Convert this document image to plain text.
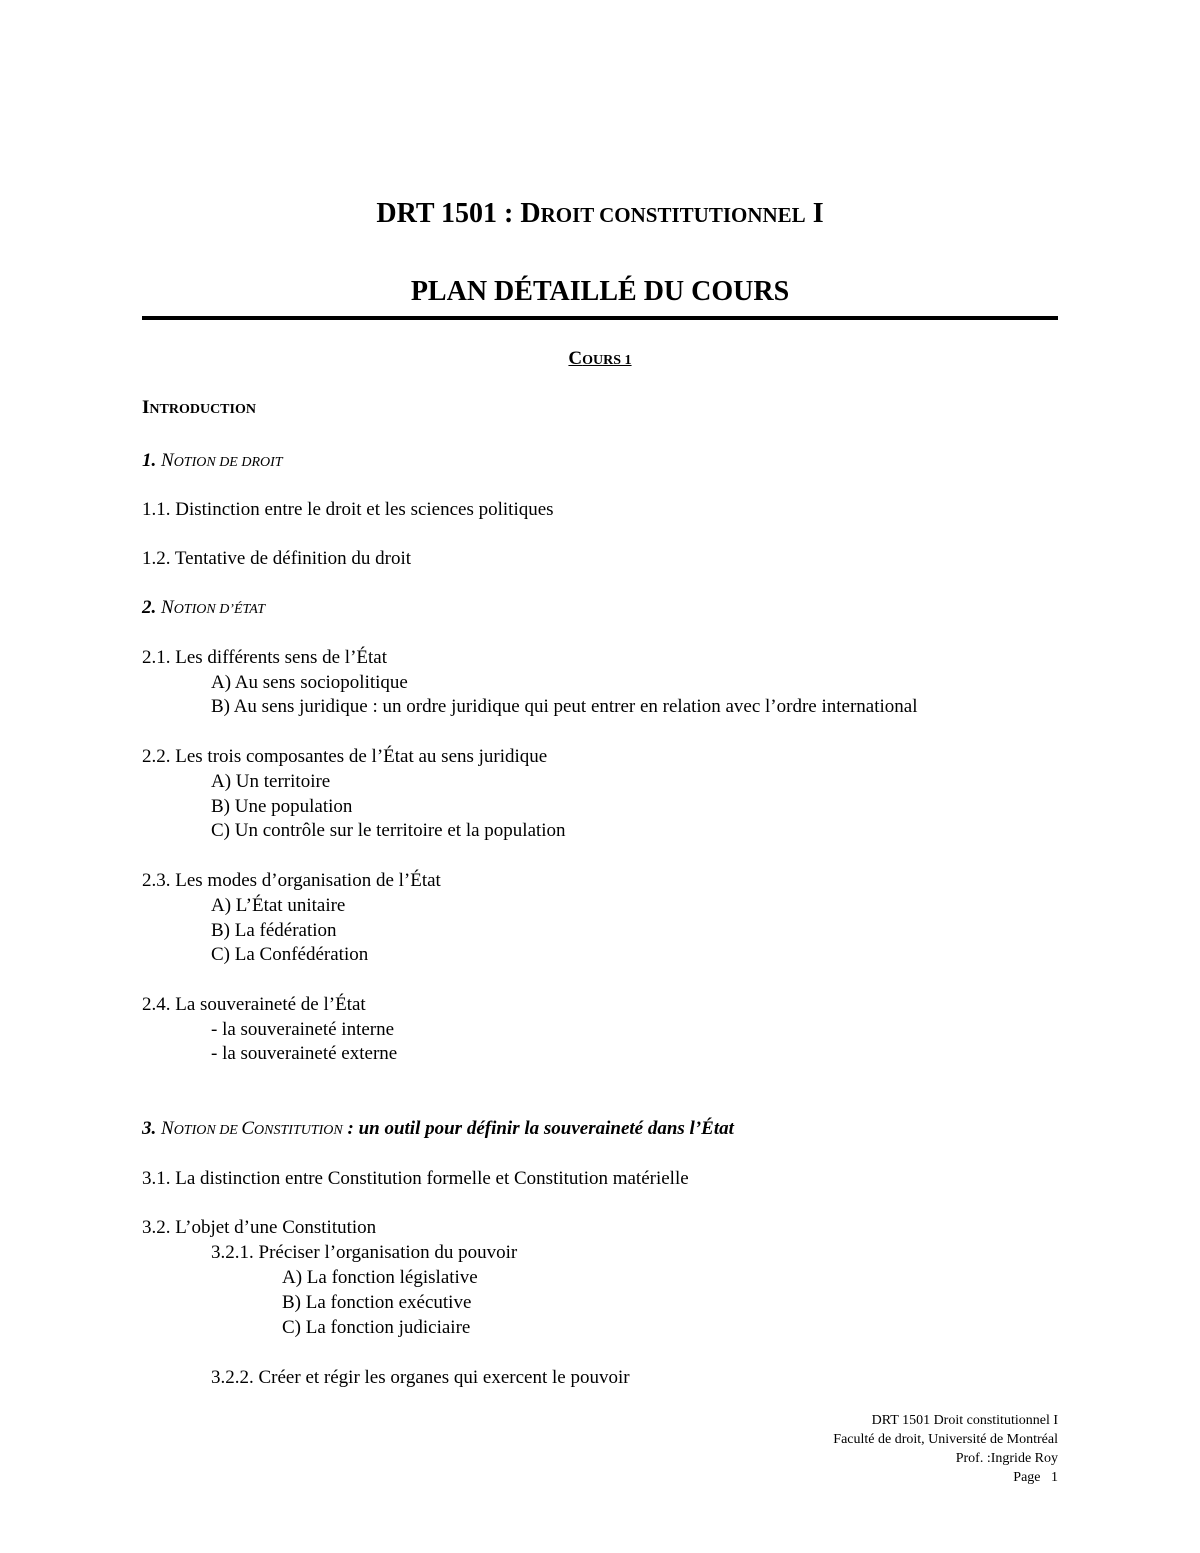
DRT 1501 : DROIT CONSTITUTIONNEL I
PLAN DÉTAILLÉ DU COURS
COURS 1
INTRODUCTION
1. NOTION DE DROIT
1.1. Distinction entre le droit et les sciences politiques
1.2. Tentative de définition du droit
2. NOTION D’ÉTAT
2.1. Les différents sens de l’État
A) Au sens sociopolitique
B) Au sens juridique : un ordre juridique qui peut entrer en relation avec l’ordre international
2.2. Les trois composantes de l’État au sens juridique
A) Un territoire
B) Une population
C) Un contrôle sur le territoire et la population
2.3. Les modes d’organisation de l’État
A) L’État unitaire
B) La fédération
C) La Confédération
2.4. La souveraineté de l’État
- la souveraineté interne
- la souveraineté externe
3. NOTION DE CONSTITUTION : un outil pour définir la souveraineté dans l’État
3.1. La distinction entre Constitution formelle et Constitution matérielle
3.2. L’objet d’une Constitution
3.2.1. Préciser l’organisation du pouvoir
A) La fonction législative
B) La fonction exécutive
C) La fonction judiciaire
3.2.2. Créer et régir les organes qui exercent le pouvoir
DRT 1501 Droit constitutionnel I
Faculté de droit, Université de Montréal
Prof. :Ingride Roy
Page   1
